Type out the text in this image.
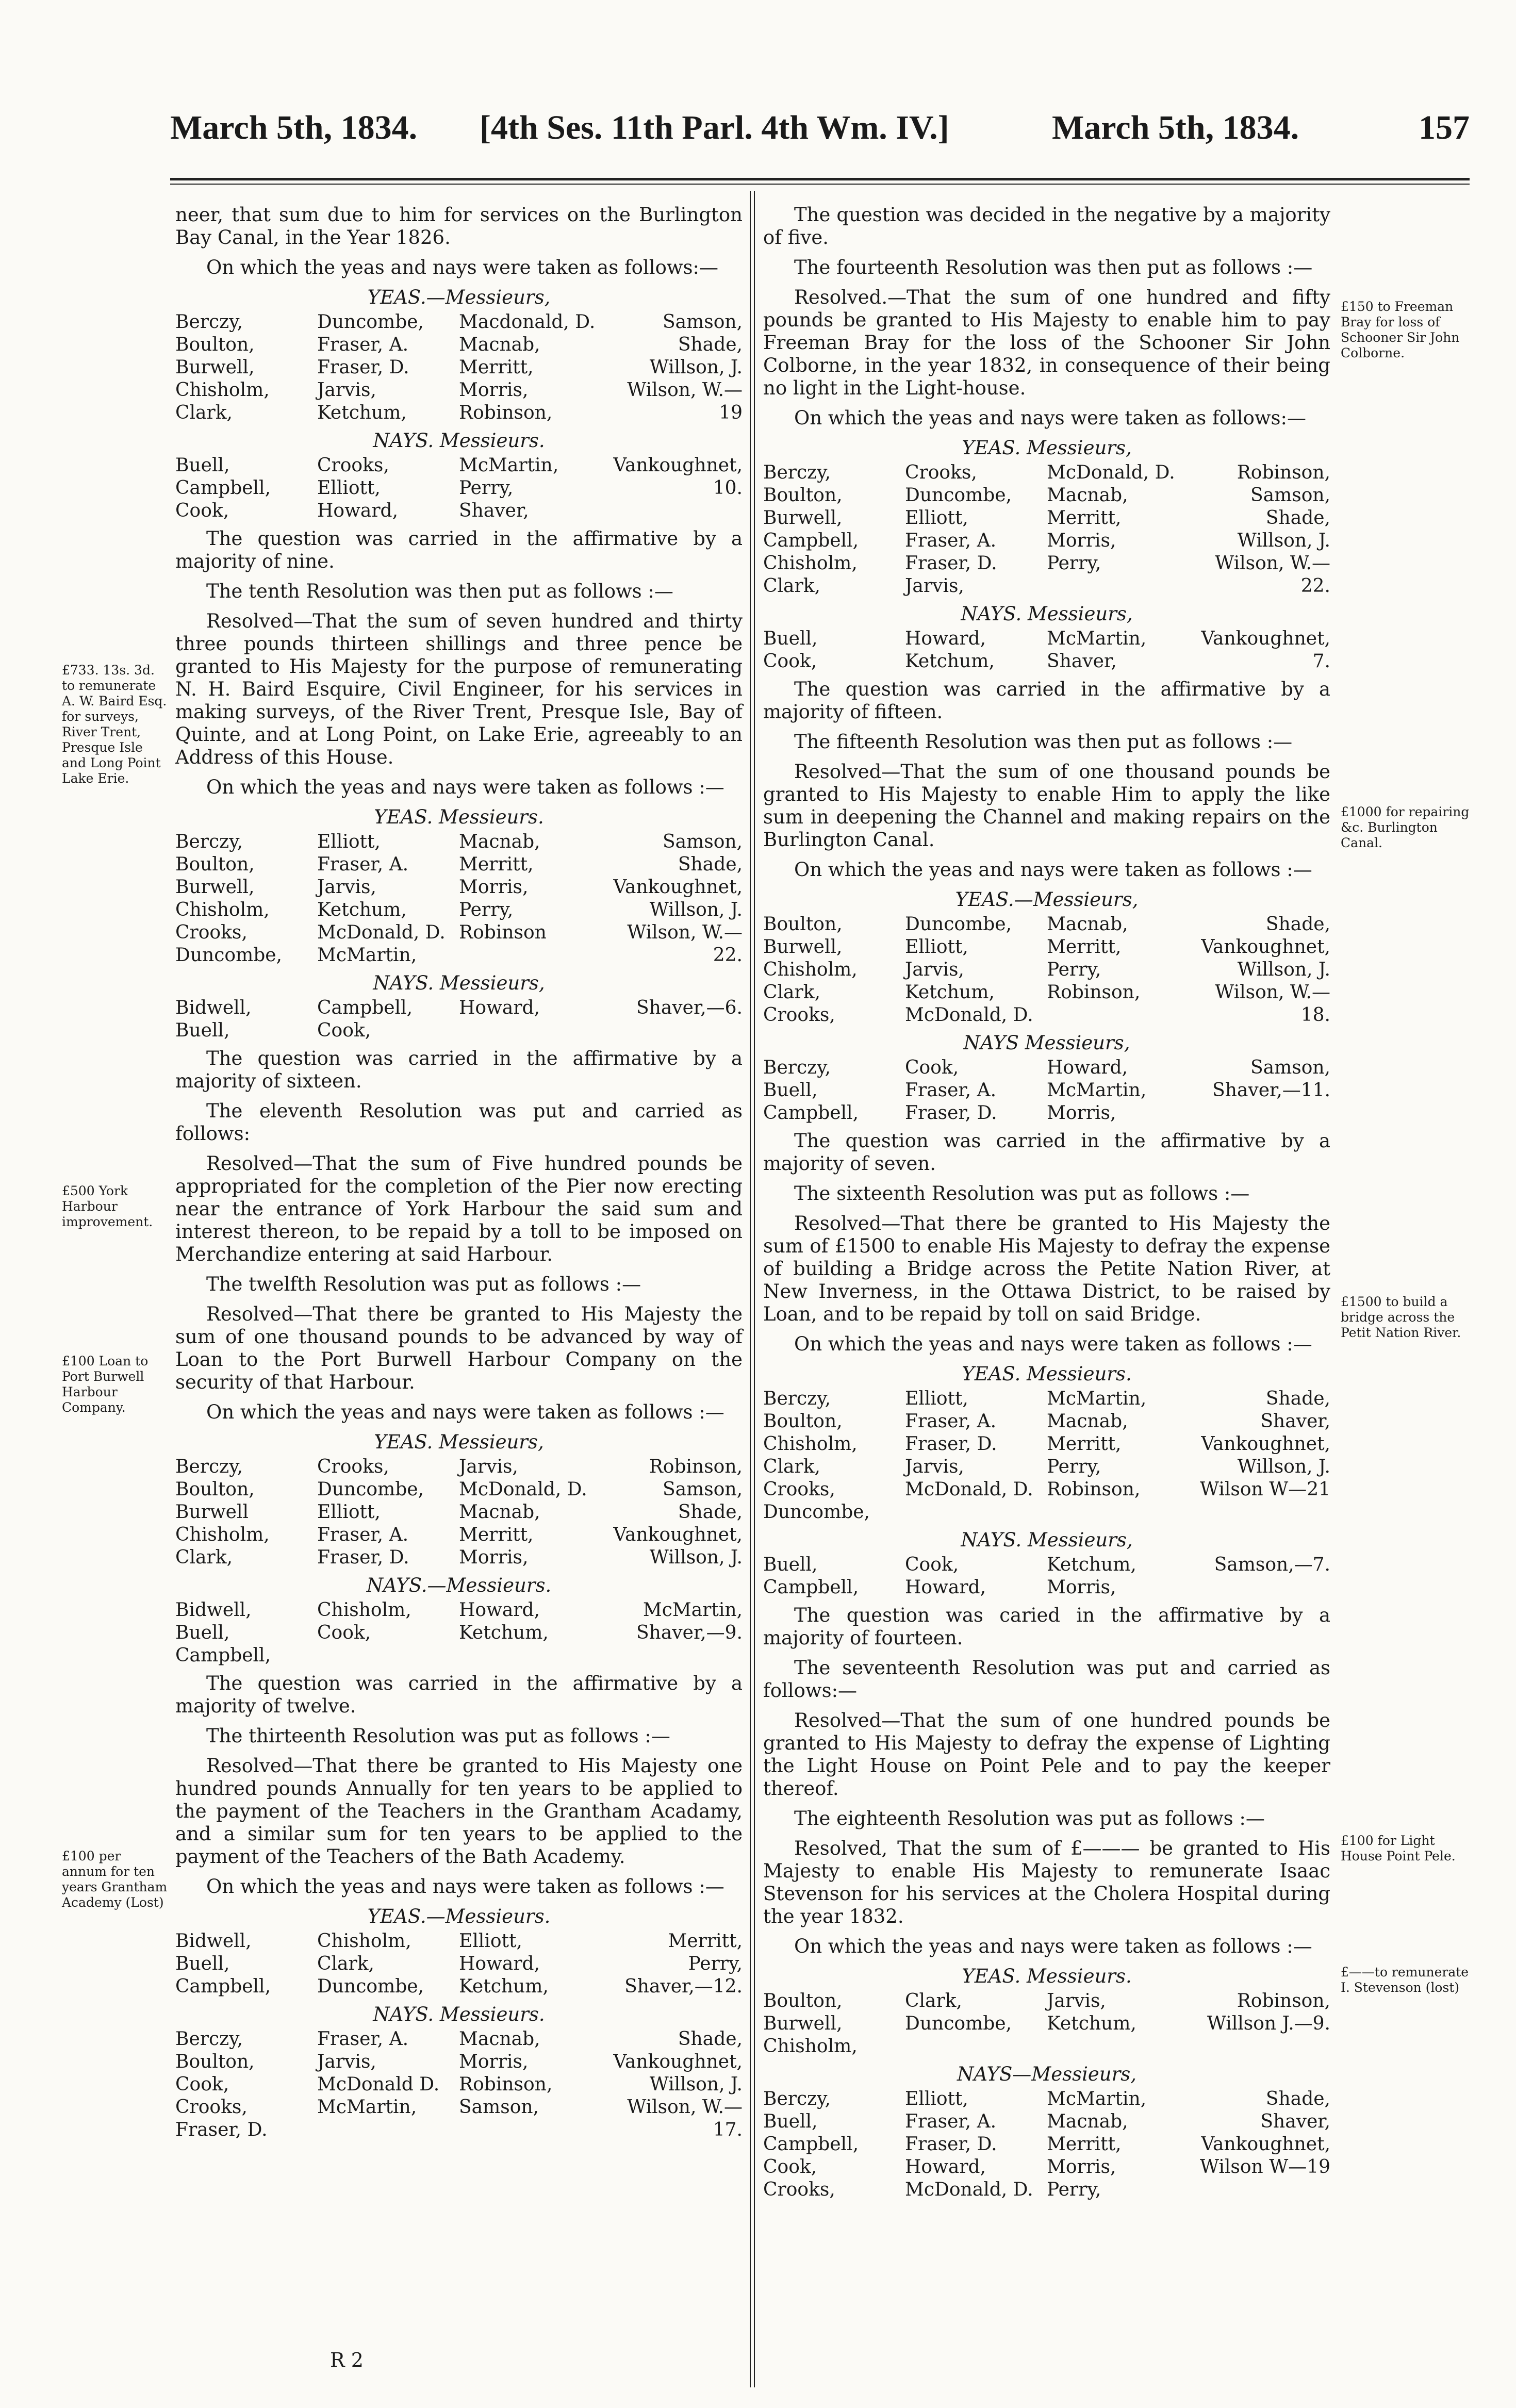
March 5th, 1834. [4th Ses. 11th Parl. 4th Wm. IV.]	March 5th, 1834.	157

neer, that sum due to him for services on the Burlington Bay Canal, in the Year 1826.

On which the yeas and nays were taken as follows:—

YEAS.—Messieurs,
Berczy,	Duncombe,	Macdonald, D.	Samson,
Boulton,	Fraser, A.	Macnab,	Shade,
Burwell,	Fraser, D.	Merritt,	Willson, J.
Chisholm,	Jarvis,	Morris,	Wilson, W.—
Clark,	Ketchum,	Robinson,	19
NAYS. Messieurs.
Buell,	Crooks,	McMartin,	Vankoughnet,
Campbell,	Elliott,	Perry,	10.
Cook,	Howard,	Shaver,	

The question was carried in the affirmative by a majority of nine.

The tenth Resolution was then put as follows :—

Resolved—That the sum of seven hundred and thirty three pounds thirteen shillings and three pence be granted to His Majesty for the purpose of remunerating N. H. Baird Esquire, Civil Engineer, for his services in making surveys, of the River Trent, Presque Isle, Bay of Quinte, and at Long Point, on Lake Erie, agreeably to an Address of this House.

On which the yeas and nays were taken as follows :—

YEAS. Messieurs.
Berczy,	Elliott,	Macnab,	Samson,
Boulton,	Fraser, A.	Merritt,	Shade,
Burwell,	Jarvis,	Morris,	Vankoughnet,
Chisholm,	Ketchum,	Perry,	Willson, J.
Crooks,	McDonald, D.	Robinson	Wilson, W.—
Duncombe,	McMartin,		22.
NAYS. Messieurs,
Bidwell,	Campbell,	Howard,	Shaver,—6.
Buell,	Cook,		

The question was carried in the affirmative by a majority of sixteen.

The eleventh Resolution was put and carried as follows:

Resolved—That the sum of Five hundred pounds be appropriated for the completion of the Pier now erecting near the entrance of York Harbour the said sum and interest thereon, to be repaid by a toll to be imposed on Merchandize entering at said Harbour.

The twelfth Resolution was put as follows :—

Resolved—That there be granted to His Majesty the sum of one thousand pounds to be advanced by way of Loan to the Port Burwell Harbour Company on the security of that Harbour.

On which the yeas and nays were taken as follows :—

YEAS. Messieurs,
Berczy,	Crooks,	Jarvis,	Robinson,
Boulton,	Duncombe,	McDonald, D.	Samson,
Burwell	Elliott,	Macnab,	Shade,
Chisholm,	Fraser, A.	Merritt,	Vankoughnet,
Clark,	Fraser, D.	Morris,	Willson, J.
NAYS.—Messieurs.
Bidwell,	Chisholm,	Howard,	McMartin,
Buell,	Cook,	Ketchum,	Shaver,—9.
Campbell,			

The question was carried in the affirmative by a majority of twelve.

The thirteenth Resolution was put as follows :—

Resolved—That there be granted to His Majesty one hundred pounds Annually for ten years to be applied to the payment of the Teachers in the Grantham Acadamy, and a similar sum for ten years to be applied to the payment of the Teachers of the Bath Academy.

On which the yeas and nays were taken as follows :—

YEAS.—Messieurs.
Bidwell,	Chisholm,	Elliott,	Merritt,
Buell,	Clark,	Howard,	Perry,
Campbell,	Duncombe,	Ketchum,	Shaver,—12.
NAYS. Messieurs.
Berczy,	Fraser, A.	Macnab,	Shade,
Boulton,	Jarvis,	Morris,	Vankoughnet,
Cook,	McDonald D.	Robinson,	Willson, J.
Crooks,	McMartin,	Samson,	Wilson, W.—
Fraser, D.			17.

The question was decided in the negative by a majority of five.

The fourteenth Resolution was then put as follows :—

Resolved.—That the sum of one hundred and fifty pounds be granted to His Majesty to enable him to pay Freeman Bray for the loss of the Schooner Sir John Colborne, in the year 1832, in consequence of their being no light in the Light-house.

On which the yeas and nays were taken as follows:—

YEAS. Messieurs,
Berczy,	Crooks,	McDonald, D.	Robinson,
Boulton,	Duncombe,	Macnab,	Samson,
Burwell,	Elliott,	Merritt,	Shade,
Campbell,	Fraser, A.	Morris,	Willson, J.
Chisholm,	Fraser, D.	Perry,	Wilson, W.—
Clark,	Jarvis,		22.
NAYS. Messieurs,
Buell,	Howard,	McMartin,	Vankoughnet,
Cook,	Ketchum,	Shaver,	7.

The question was carried in the affirmative by a majority of fifteen.

The fifteenth Resolution was then put as follows :—

Resolved—That the sum of one thousand pounds be granted to His Majesty to enable Him to apply the like sum in deepening the Channel and making repairs on the Burlington Canal.

On which the yeas and nays were taken as follows :—

YEAS.—Messieurs,
Boulton,	Duncombe,	Macnab,	Shade,
Burwell,	Elliott,	Merritt,	Vankoughnet,
Chisholm,	Jarvis,	Perry,	Willson, J.
Clark,	Ketchum,	Robinson,	Wilson, W.—
Crooks,	McDonald, D.		18.
NAYS Messieurs,
Berczy,	Cook,	Howard,	Samson,
Buell,	Fraser, A.	McMartin,	Shaver,—11.
Campbell,	Fraser, D.	Morris,	

The question was carried in the affirmative by a majority of seven.

The sixteenth Resolution was put as follows :—

Resolved—That there be granted to His Majesty the sum of £1500 to enable His Majesty to defray the expense of building a Bridge across the Petite Nation River, at New Inverness, in the Ottawa District, to be raised by Loan, and to be repaid by toll on said Bridge.

On which the yeas and nays were taken as follows :—

YEAS. Messieurs.
Berczy,	Elliott,	McMartin,	Shade,
Boulton,	Fraser, A.	Macnab,	Shaver,
Chisholm,	Fraser, D.	Merritt,	Vankoughnet,
Clark,	Jarvis,	Perry,	Willson, J.
Crooks,	McDonald, D.	Robinson,	Wilson W—21
Duncombe,			
NAYS. Messieurs,
Buell,	Cook,	Ketchum,	Samson,—7.
Campbell,	Howard,	Morris,	

The question was caried in the affirmative by a majority of fourteen.

The seventeenth Resolution was put and carried as follows:—

Resolved—That the sum of one hundred pounds be granted to His Majesty to defray the expense of Lighting the Light House on Point Pele and to pay the keeper thereof.

The eighteenth Resolution was put as follows :—

Resolved, That the sum of £——— be granted to His Majesty to enable His Majesty to remunerate Isaac Stevenson for his services at the Cholera Hospital during the year 1832.

On which the yeas and nays were taken as follows :—

YEAS. Messieurs.
Boulton,	Clark,	Jarvis,	Robinson,
Burwell,	Duncombe,	Ketchum,	Willson J.—9.
Chisholm,			
NAYS—Messieurs,
Berczy,	Elliott,	McMartin,	Shade,
Buell,	Fraser, A.	Macnab,	Shaver,
Campbell,	Fraser, D.	Merritt,	Vankoughnet,
Cook,	Howard,	Morris,	Wilson W—19
Crooks,	McDonald, D.	Perry,	
£733. 13s. 3d. to remunerate A. W. Baird Esq. for surveys, River Trent, Presque Isle and Long Point Lake Erie.
£500 York Harbour improvement.
£100 Loan to Port Burwell Harbour Company.
£100 per annum for ten years Grantham Academy (Lost)
£150 to Freeman Bray for loss of Schooner Sir John Colborne.
£1000 for repairing &c. Burlington Canal.
£1500 to build a bridge across the Petit Nation River.
£100 for Light House Point Pele.
£——to remunerate I. Stevenson (lost)
R 2
